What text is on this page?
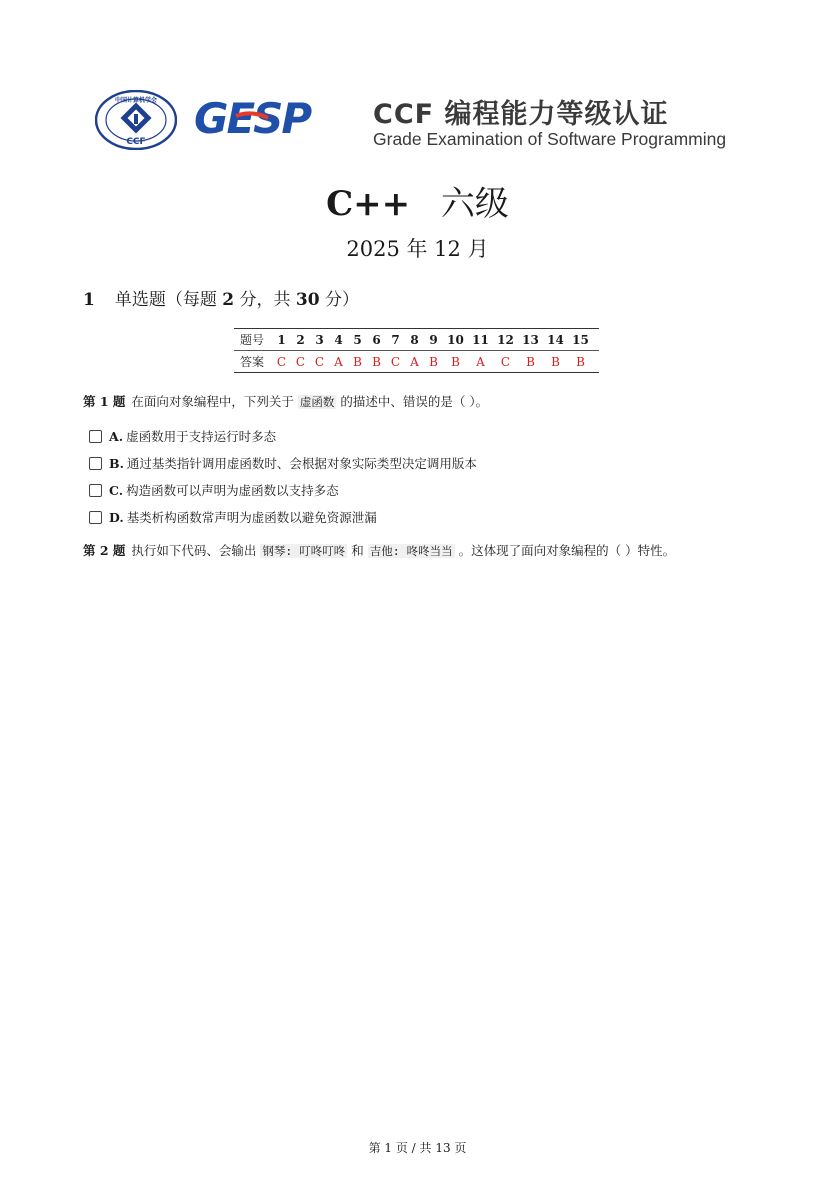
中国计算机学会
CCF GESP CCF 编程能力等级认证
Grade Examination of Software Programming
C++ 六级
2025 年 12 月
1 单选题（每题 2 分，共 30 分）
题号	1	2	3	4	5	6	7	8	9	10	11	12	13	14	15
答案	C	C	C	A	B	B	C	A	B	B	A	C	B	B	B
第 1 题 在面向对象编程中，下列关于 虚函数 的描述中、错误的是（ ）。
A. 虚函数用于支持运行时多态
B. 通过基类指针调用虚函数时、会根据对象实际类型决定调用版本
C. 构造函数可以声明为虚函数以支持多态
D. 基类析构函数常声明为虚函数以避免资源泄漏
第 2 题 执行如下代码、会输出 钢琴: 叮咚叮咚 和 吉他: 咚咚当当 。这体现了面向对象编程的（ ）特性。
第 1 页 / 共 13 页
